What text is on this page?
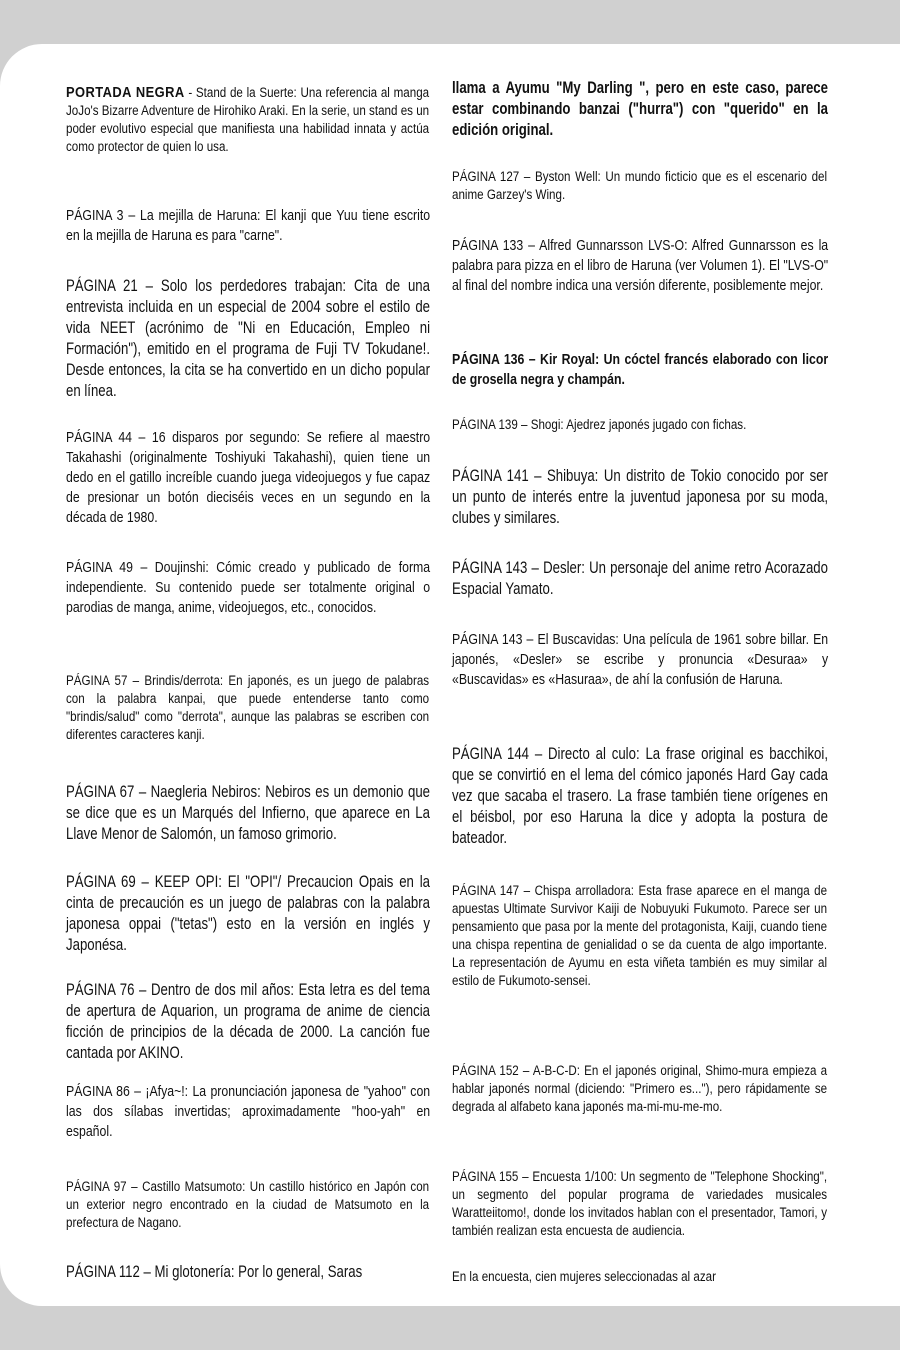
PORTADA NEGRA - Stand de la Suerte: Una referencia al manga JoJo's Bizarre Adventure de Hirohiko Araki. En la serie, un stand es un poder evolutivo especial que manifiesta una habilidad innata y actúa como protector de quien lo usa.
PÁGINA 3 – La mejilla de Haruna: El kanji que Yuu tiene escrito en la mejilla de Haruna es para "carne".
PÁGINA 21 – Solo los perdedores trabajan: Cita de una entrevista incluida en un especial de 2004 sobre el estilo de vida NEET (acrónimo de "Ni en Educación, Empleo ni Formación"), emitido en el programa de Fuji TV Tokudane!. Desde entonces, la cita se ha convertido en un dicho popular en línea.
PÁGINA 44 – 16 disparos por segundo: Se refiere al maestro Takahashi (originalmente Toshiyuki Takahashi), quien tiene un dedo en el gatillo increíble cuando juega videojuegos y fue capaz de presionar un botón dieciséis veces en un segundo en la década de 1980.
PÁGINA 49 – Doujinshi: Cómic creado y publicado de forma independiente. Su contenido puede ser totalmente original o parodias de manga, anime, videojuegos, etc., conocidos.
PÁGINA 57 – Brindis/derrota: En japonés, es un juego de palabras con la palabra kanpai, que puede entenderse tanto como "brindis/salud" como "derrota", aunque las palabras se escriben con diferentes caracteres kanji.
PÁGINA 67 – Naegleria Nebiros: Nebiros es un demonio que se dice que es un Marqués del Infierno, que aparece en La Llave Menor de Salomón, un famoso grimorio.
PÁGINA 69 – KEEP OPI: El "OPI"/ Precaucion Opais en la cinta de precaución es un juego de palabras con la palabra japonesa oppai ("tetas") esto en la versión en inglés y Japonésa.
PÁGINA 76 – Dentro de dos mil años: Esta letra es del tema de apertura de Aquarion, un programa de anime de ciencia ficción de principios de la década de 2000. La canción fue cantada por AKINO.
PÁGINA 86 – ¡Afya~!: La pronunciación japonesa de "yahoo" con las dos sílabas invertidas; aproximadamente "hoo-yah" en español.
PÁGINA 97 – Castillo Matsumoto: Un castillo histórico en Japón con un exterior negro encontrado en la ciudad de Matsumoto en la prefectura de Nagano.
PÁGINA 112 – Mi glotonería: Por lo general, Saras
llama a Ayumu "My Darling ", pero en este caso, parece estar combinando banzai ("hurra") con "querido" en la edición original.
PÁGINA 127 – Byston Well: Un mundo ficticio que es el escenario del anime Garzey's Wing.
PÁGINA 133 – Alfred Gunnarsson LVS-O: Alfred Gunnarsson es la palabra para pizza en el libro de Haruna (ver Volumen 1). El "LVS-O" al final del nombre indica una versión diferente, posiblemente mejor.
PÁGINA 136 – Kir Royal: Un cóctel francés elaborado con licor de grosella negra y champán.
PÁGINA 139 – Shogi: Ajedrez japonés jugado con fichas.
PÁGINA 141 – Shibuya: Un distrito de Tokio conocido por ser un punto de interés entre la juventud japonesa por su moda, clubes y similares.
PÁGINA 143 – Desler: Un personaje del anime retro Acorazado Espacial Yamato.
PÁGINA 143 – El Buscavidas: Una película de 1961 sobre billar. En japonés, «Desler» se escribe y pronuncia «Desuraa» y «Buscavidas» es «Hasuraa», de ahí la confusión de Haruna.
PÁGINA 144 – Directo al culo: La frase original es bacchikoi, que se convirtió en el lema del cómico japonés Hard Gay cada vez que sacaba el trasero. La frase también tiene orígenes en el béisbol, por eso Haruna la dice y adopta la postura de bateador.
PÁGINA 147 – Chispa arrolladora: Esta frase aparece en el manga de apuestas Ultimate Survivor Kaiji de Nobuyuki Fukumoto. Parece ser un pensamiento que pasa por la mente del protagonista, Kaiji, cuando tiene una chispa repentina de genialidad o se da cuenta de algo importante. La representación de Ayumu en esta viñeta también es muy similar al estilo de Fukumoto-sensei.
PÁGINA 152 – A-B-C-D: En el japonés original, Shimo-mura empieza a hablar japonés normal (diciendo: "Primero es..."), pero rápidamente se degrada al alfabeto kana japonés ma-mi-mu-me-mo.
PÁGINA 155 – Encuesta 1/100: Un segmento de "Telephone Shocking", un segmento del popular programa de variedades musicales Waratteiitomo!, donde los invitados hablan con el presentador, Tamori, y también realizan esta encuesta de audiencia.
En la encuesta, cien mujeres seleccionadas al azar
